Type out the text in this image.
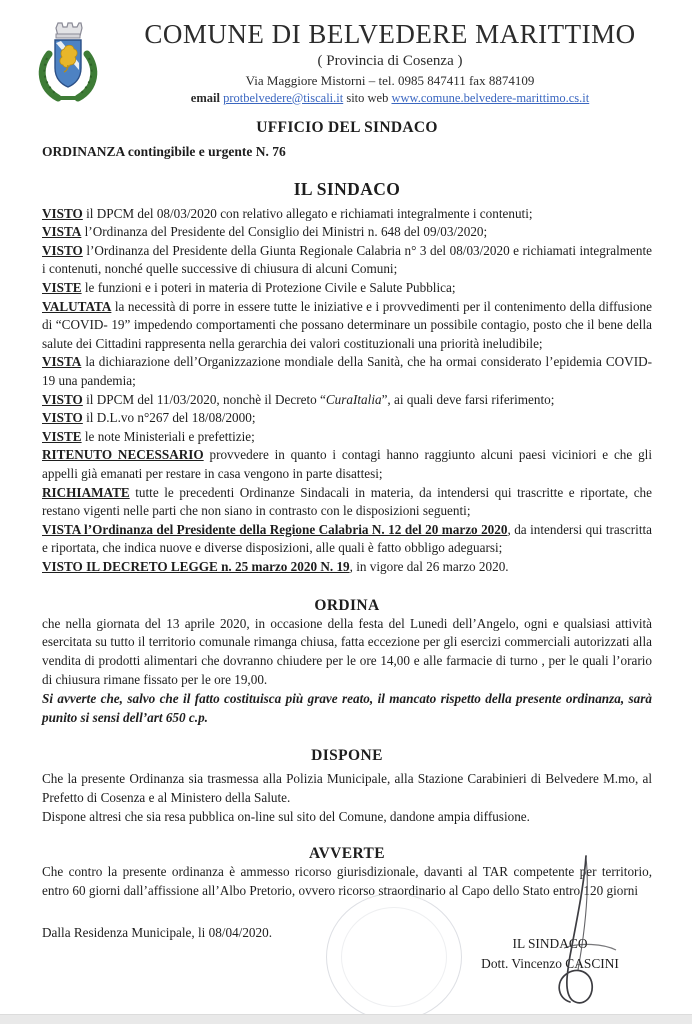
COMUNE DI BELVEDERE MARITTIMO
( Provincia di Cosenza )
Via Maggiore Mistorni – tel. 0985 847411 fax 8874109
email protbelvedere@tiscali.it sito web www.comune.belvedere-marittimo.cs.it
UFFICIO DEL SINDACO
ORDINANZA contingibile e urgente N. 76
IL SINDACO

VISTO il DPCM del 08/03/2020 con relativo allegato e richiamati integralmente i contenuti;

VISTA l’Ordinanza del Presidente del Consiglio dei Ministri n. 648 del 09/03/2020;

VISTO l’Ordinanza del Presidente della Giunta Regionale Calabria n° 3 del 08/03/2020 e richiamati integralmente i contenuti, nonché quelle successive di chiusura di alcuni Comuni;

VISTE le funzioni e i poteri in materia di Protezione Civile e Salute Pubblica;

VALUTATA la necessità di porre in essere tutte le iniziative e i provvedimenti per il contenimento della diffusione di “COVID- 19” impedendo comportamenti che possano determinare un possibile contagio, posto che il bene della salute dei Cittadini rappresenta nella gerarchia dei valori costituzionali una priorità ineludibile;

VISTA la dichiarazione dell’Organizzazione mondiale della Sanità, che ha ormai considerato l’epidemia COVID-19 una pandemia;

VISTO il DPCM del 11/03/2020, nonchè il Decreto “CuraItalia”, ai quali deve farsi riferimento;

VISTO il D.L.vo n°267 del 18/08/2000;

VISTE le note Ministeriali e prefettizie;

RITENUTO NECESSARIO provvedere in quanto i contagi hanno raggiunto alcuni paesi viciniori e che gli appelli già emanati per restare in casa vengono in parte disattesi;

RICHIAMATE tutte le precedenti Ordinanze Sindacali in materia, da intendersi qui trascritte e riportate, che restano vigenti nelle parti che non siano in contrasto con le disposizioni seguenti;

VISTA l’Ordinanza del Presidente della Regione Calabria N. 12 del 20 marzo 2020, da intendersi qui trascritta e riportata, che indica nuove e diverse disposizioni, alle quali è fatto obbligo adeguarsi;

VISTO IL DECRETO LEGGE n. 25 marzo 2020 N. 19, in vigore dal 26 marzo 2020.

ORDINA

che nella giornata del 13 aprile 2020, in occasione della festa del Lunedi dell’Angelo, ogni e qualsiasi attività esercitata su tutto il territorio comunale rimanga chiusa, fatta eccezione per gli esercizi commerciali autorizzati alla vendita di prodotti alimentari che dovranno chiudere per le ore 14,00 e alle farmacie di turno , per le quali l’orario di chiusura rimane fissato per le ore 19,00.

Si avverte che, salvo che il fatto costituisca più grave reato, il mancato rispetto della presente ordinanza, sarà punito si sensi dell’art 650 c.p.

DISPONE

Che la presente Ordinanza sia trasmessa alla Polizia Municipale, alla Stazione Carabinieri di Belvedere M.mo, al Prefetto di Cosenza e al Ministero della Salute.

Dispone altresi che sia resa pubblica on-line sul sito del Comune, dandone ampia diffusione.

AVVERTE

Che contro la presente ordinanza è ammesso ricorso giurisdizionale, davanti al TAR competente per territorio, entro 60 giorni dall’affissione all’Albo Pretorio, ovvero ricorso straordinario al Capo dello Stato entro 120 giorni

Dalla Residenza Municipale, li 08/04/2020.
IL SINDACO
Dott. Vincenzo CASCINI
